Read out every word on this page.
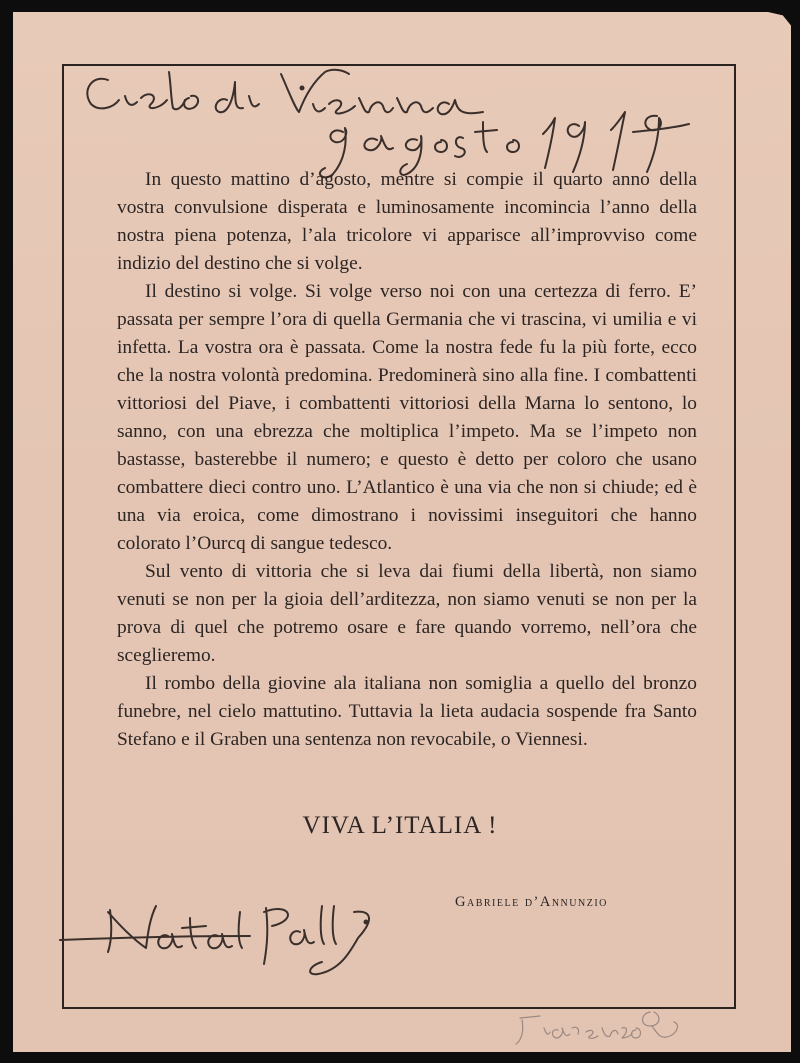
In questo mattino d’agosto, mentre si compie il quarto anno della vostra convulsione disperata e luminosamente incomincia l’anno della nostra piena potenza, l’ala tricolore vi apparisce all’improvviso come indizio del destino che si volge.

Il destino si volge. Si volge verso noi con una certezza di ferro. E’ passata per sempre l’ora di quella Germania che vi trascina, vi umilia e vi infetta. La vostra ora è passata. Come la nostra fede fu la più forte, ecco che la nostra volontà predomina. Predominerà sino alla fine. I combattenti vittoriosi del Piave, i combattenti vittoriosi della Marna lo sentono, lo sanno, con una ebrezza che moltiplica l’impeto. Ma se l’impeto non bastasse, basterebbe il numero; e questo è detto per coloro che usano combattere dieci contro uno. L’Atlantico è una via che non si chiude; ed è una via eroica, come dimostrano i novissimi inseguitori che hanno colorato l’Ourcq di sangue tedesco.

Sul vento di vittoria che si leva dai fiumi della libertà, non siamo venuti se non per la gioia dell’arditezza, non siamo venuti se non per la prova di quel che potremo osare e fare quando vorremo, nell’ora che sceglieremo.

Il rombo della giovine ala italiana non somiglia a quello del bronzo funebre, nel cielo mattutino. Tuttavia la lieta audacia sospende fra Santo Stefano e il Graben una sentenza non revocabile, o Viennesi.

VIVA L’ITALIA !
Gabriele d’Annunzio
